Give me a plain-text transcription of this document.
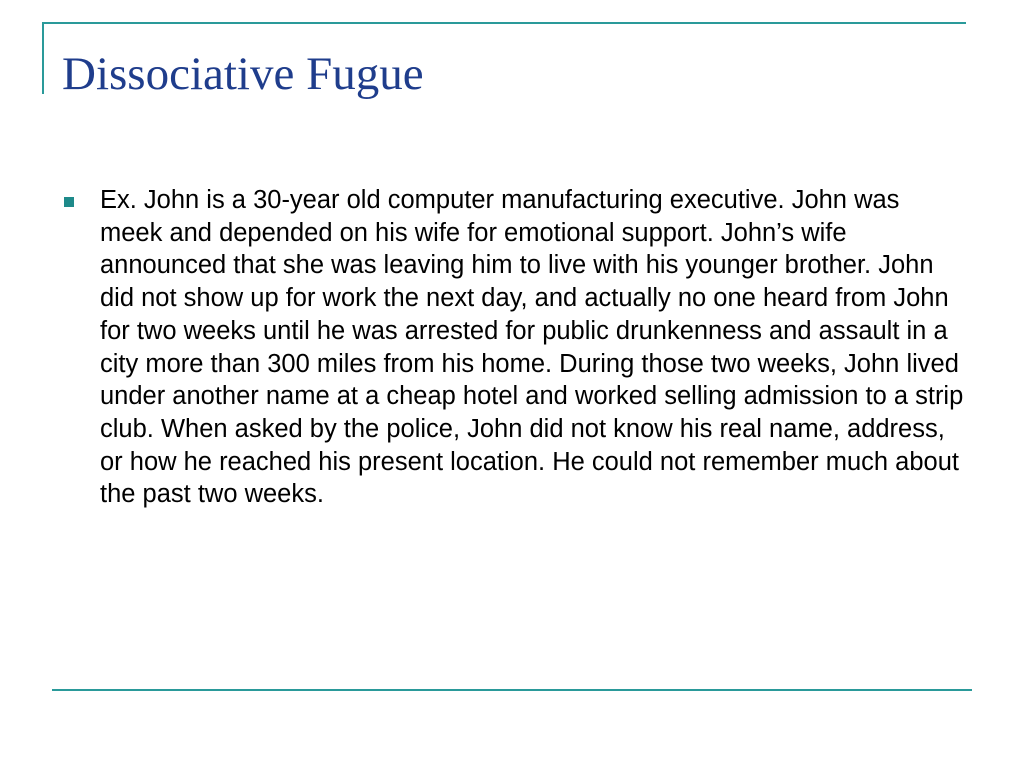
Dissociative Fugue
Ex. John is a 30-year old computer manufacturing executive. John was meek and depended on his wife for emotional support. John’s wife announced that she was leaving him to live with his younger brother. John did not show up for work the next day, and actually no one heard from John for two weeks until he was arrested for public drunkenness and assault in a city more than 300 miles from his home. During those two weeks, John lived under another name at a cheap hotel and worked selling admission to a strip club. When asked by the police, John did not know his real name, address, or how he reached his present location. He could not remember much about the past two weeks.
